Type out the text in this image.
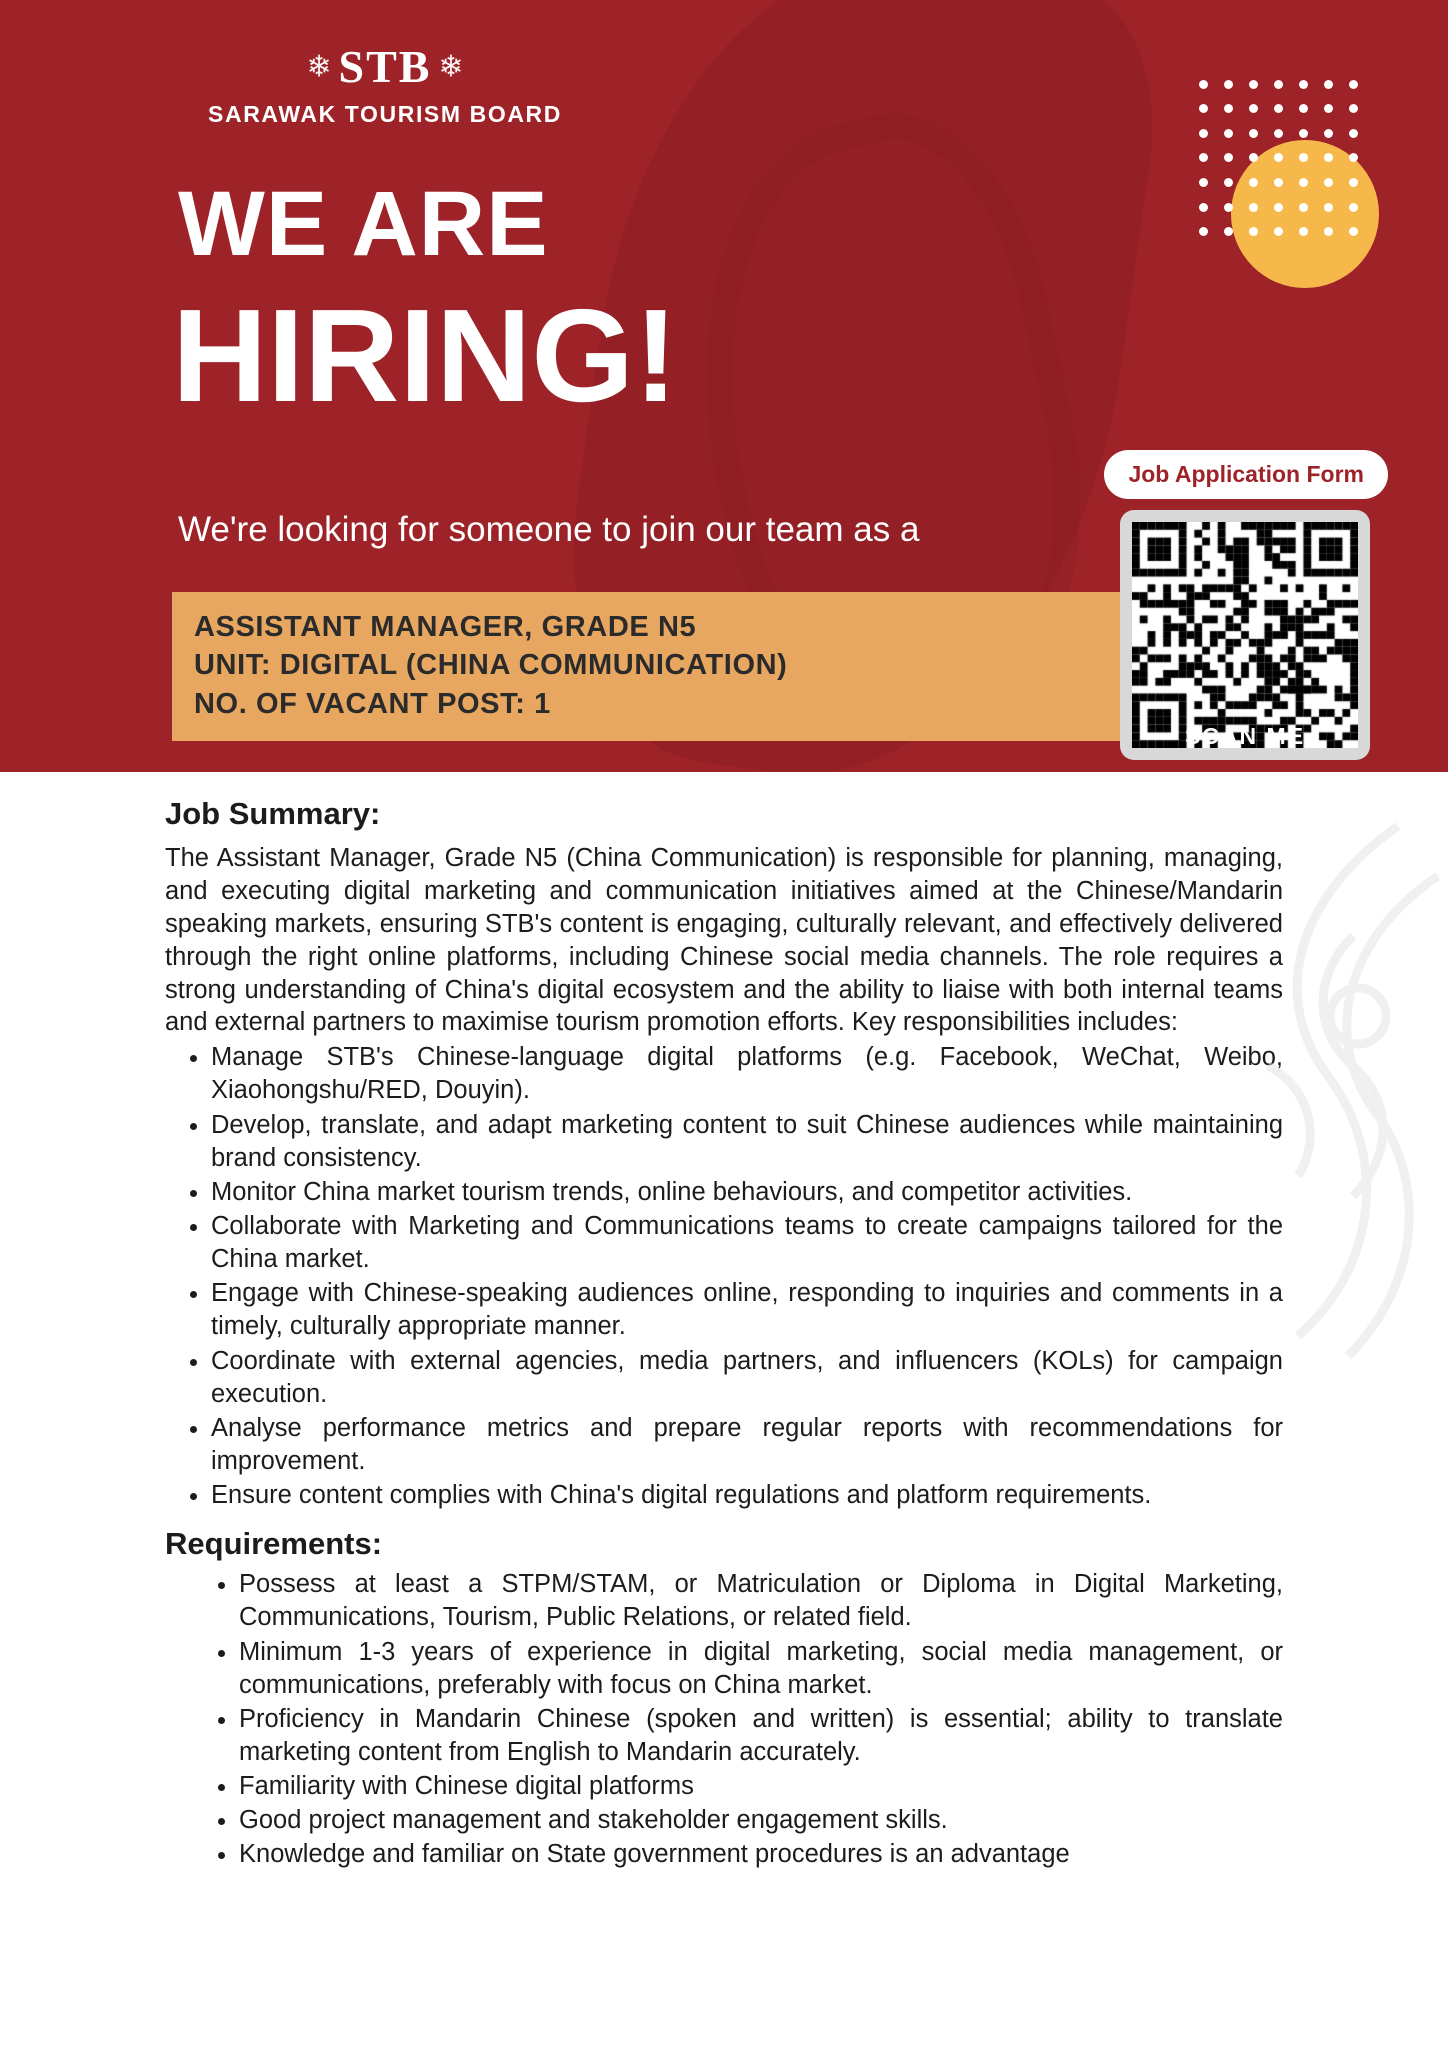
❄ STB ❄
SARAWAK TOURISM BOARD
WE ARE
HIRING!
We're looking for someone to join our team as a
ASSISTANT MANAGER, GRADE N5
UNIT: DIGITAL (CHINA COMMUNICATION)
NO. OF VACANT POST: 1
Job Application Form
SCAN ME
Job Summary:
The Assistant Manager, Grade N5 (China Communication) is responsible for planning, managing, and executing digital marketing and communication initiatives aimed at the Chinese/Mandarin speaking markets, ensuring STB's content is engaging, culturally relevant, and effectively delivered through the right online platforms, including Chinese social media channels. The role requires a strong understanding of China's digital ecosystem and the ability to liaise with both internal teams and external partners to maximise tourism promotion efforts. Key responsibilities includes:
• Manage STB's Chinese-language digital platforms (e.g. Facebook, WeChat, Weibo, Xiaohongshu/RED, Douyin).
• Develop, translate, and adapt marketing content to suit Chinese audiences while maintaining brand consistency.
• Monitor China market tourism trends, online behaviours, and competitor activities.
• Collaborate with Marketing and Communications teams to create campaigns tailored for the China market.
• Engage with Chinese-speaking audiences online, responding to inquiries and comments in a timely, culturally appropriate manner.
• Coordinate with external agencies, media partners, and influencers (KOLs) for campaign execution.
• Analyse performance metrics and prepare regular reports with recommendations for improvement.
• Ensure content complies with China's digital regulations and platform requirements.
Requirements:
• Possess at least a STPM/STAM, or Matriculation or Diploma in Digital Marketing, Communications, Tourism, Public Relations, or related field.
• Minimum 1-3 years of experience in digital marketing, social media management, or communications, preferably with focus on China market.
• Proficiency in Mandarin Chinese (spoken and written) is essential; ability to translate marketing content from English to Mandarin accurately.
• Familiarity with Chinese digital platforms
• Good project management and stakeholder engagement skills.
• Knowledge and familiar on State government procedures is an advantage
